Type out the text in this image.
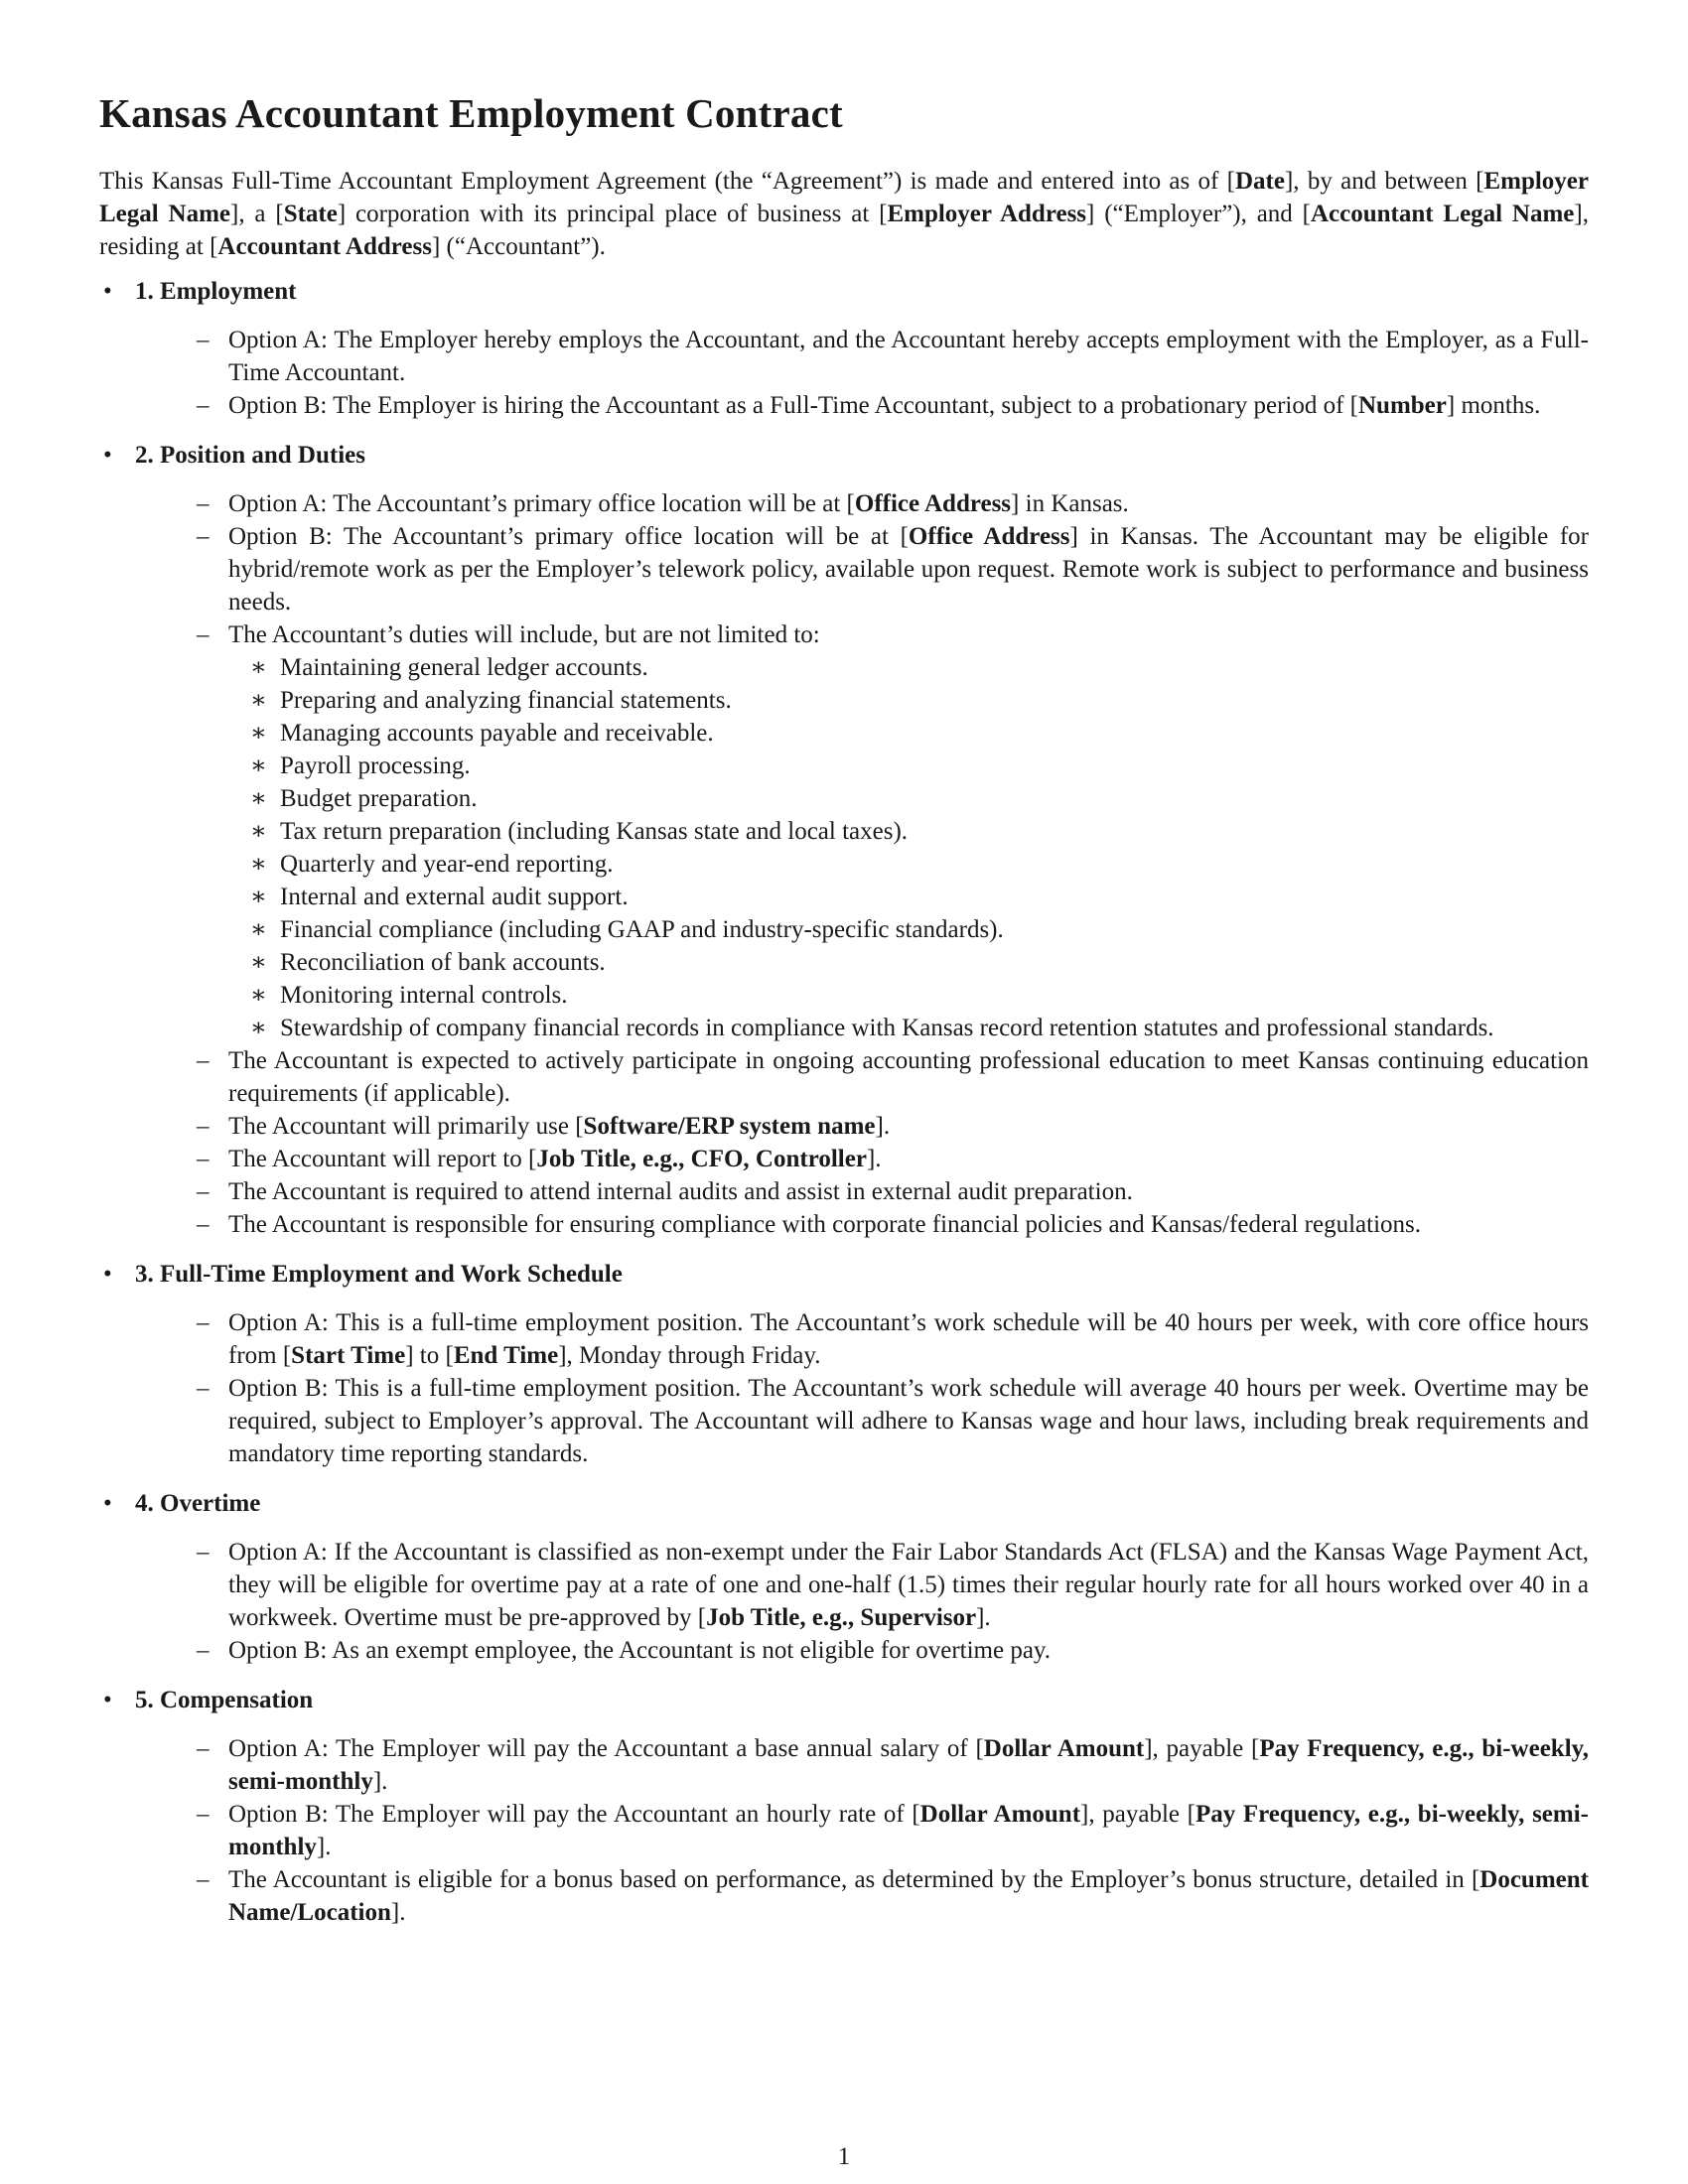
Kansas Accountant Employment Contract

This Kansas Full-Time Accountant Employment Agreement (the “Agreement”) is made and entered into as of [Date], by and between [Employer Legal Name], a [State] corporation with its principal place of business at [Employer Address] (“Employer”), and [Accountant Legal Name], residing at [Accountant Address] (“Accountant”).

• 1. Employment
– Option A: The Employer hereby employs the Accountant, and the Accountant hereby accepts employment with the Employer, as a Full-Time Accountant.
– Option B: The Employer is hiring the Accountant as a Full-Time Accountant, subject to a probationary period of [Number] months.
• 2. Position and Duties
– Option A: The Accountant’s primary office location will be at [Office Address] in Kansas.
– Option B: The Accountant’s primary office location will be at [Office Address] in Kansas. The Accountant may be eligible for hybrid/remote work as per the Employer’s telework policy, available upon request. Remote work is subject to performance and business needs.
– The Accountant’s duties will include, but are not limited to:
∗ Maintaining general ledger accounts.
∗ Preparing and analyzing financial statements.
∗ Managing accounts payable and receivable.
∗ Payroll processing.
∗ Budget preparation.
∗ Tax return preparation (including Kansas state and local taxes).
∗ Quarterly and year-end reporting.
∗ Internal and external audit support.
∗ Financial compliance (including GAAP and industry-specific standards).
∗ Reconciliation of bank accounts.
∗ Monitoring internal controls.
∗ Stewardship of company financial records in compliance with Kansas record retention statutes and professional standards.
– The Accountant is expected to actively participate in ongoing accounting professional education to meet Kansas continuing education requirements (if applicable).
– The Accountant will primarily use [Software/ERP system name].
– The Accountant will report to [Job Title, e.g., CFO, Controller].
– The Accountant is required to attend internal audits and assist in external audit preparation.
– The Accountant is responsible for ensuring compliance with corporate financial policies and Kansas/federal regulations.
• 3. Full-Time Employment and Work Schedule
– Option A: This is a full-time employment position. The Accountant’s work schedule will be 40 hours per week, with core office hours from [Start Time] to [End Time], Monday through Friday.
– Option B: This is a full-time employment position. The Accountant’s work schedule will average 40 hours per week. Overtime may be required, subject to Employer’s approval. The Accountant will adhere to Kansas wage and hour laws, including break requirements and mandatory time reporting standards.
• 4. Overtime
– Option A: If the Accountant is classified as non-exempt under the Fair Labor Standards Act (FLSA) and the Kansas Wage Payment Act, they will be eligible for overtime pay at a rate of one and one-half (1.5) times their regular hourly rate for all hours worked over 40 in a workweek. Overtime must be pre-approved by [Job Title, e.g., Supervisor].
– Option B: As an exempt employee, the Accountant is not eligible for overtime pay.
• 5. Compensation
– Option A: The Employer will pay the Accountant a base annual salary of [Dollar Amount], payable [Pay Frequency, e.g., bi-weekly, semi-monthly].
– Option B: The Employer will pay the Accountant an hourly rate of [Dollar Amount], payable [Pay Frequency, e.g., bi-weekly, semi-monthly].
– The Accountant is eligible for a bonus based on performance, as determined by the Employer’s bonus structure, detailed in [Document Name/Location].
1
